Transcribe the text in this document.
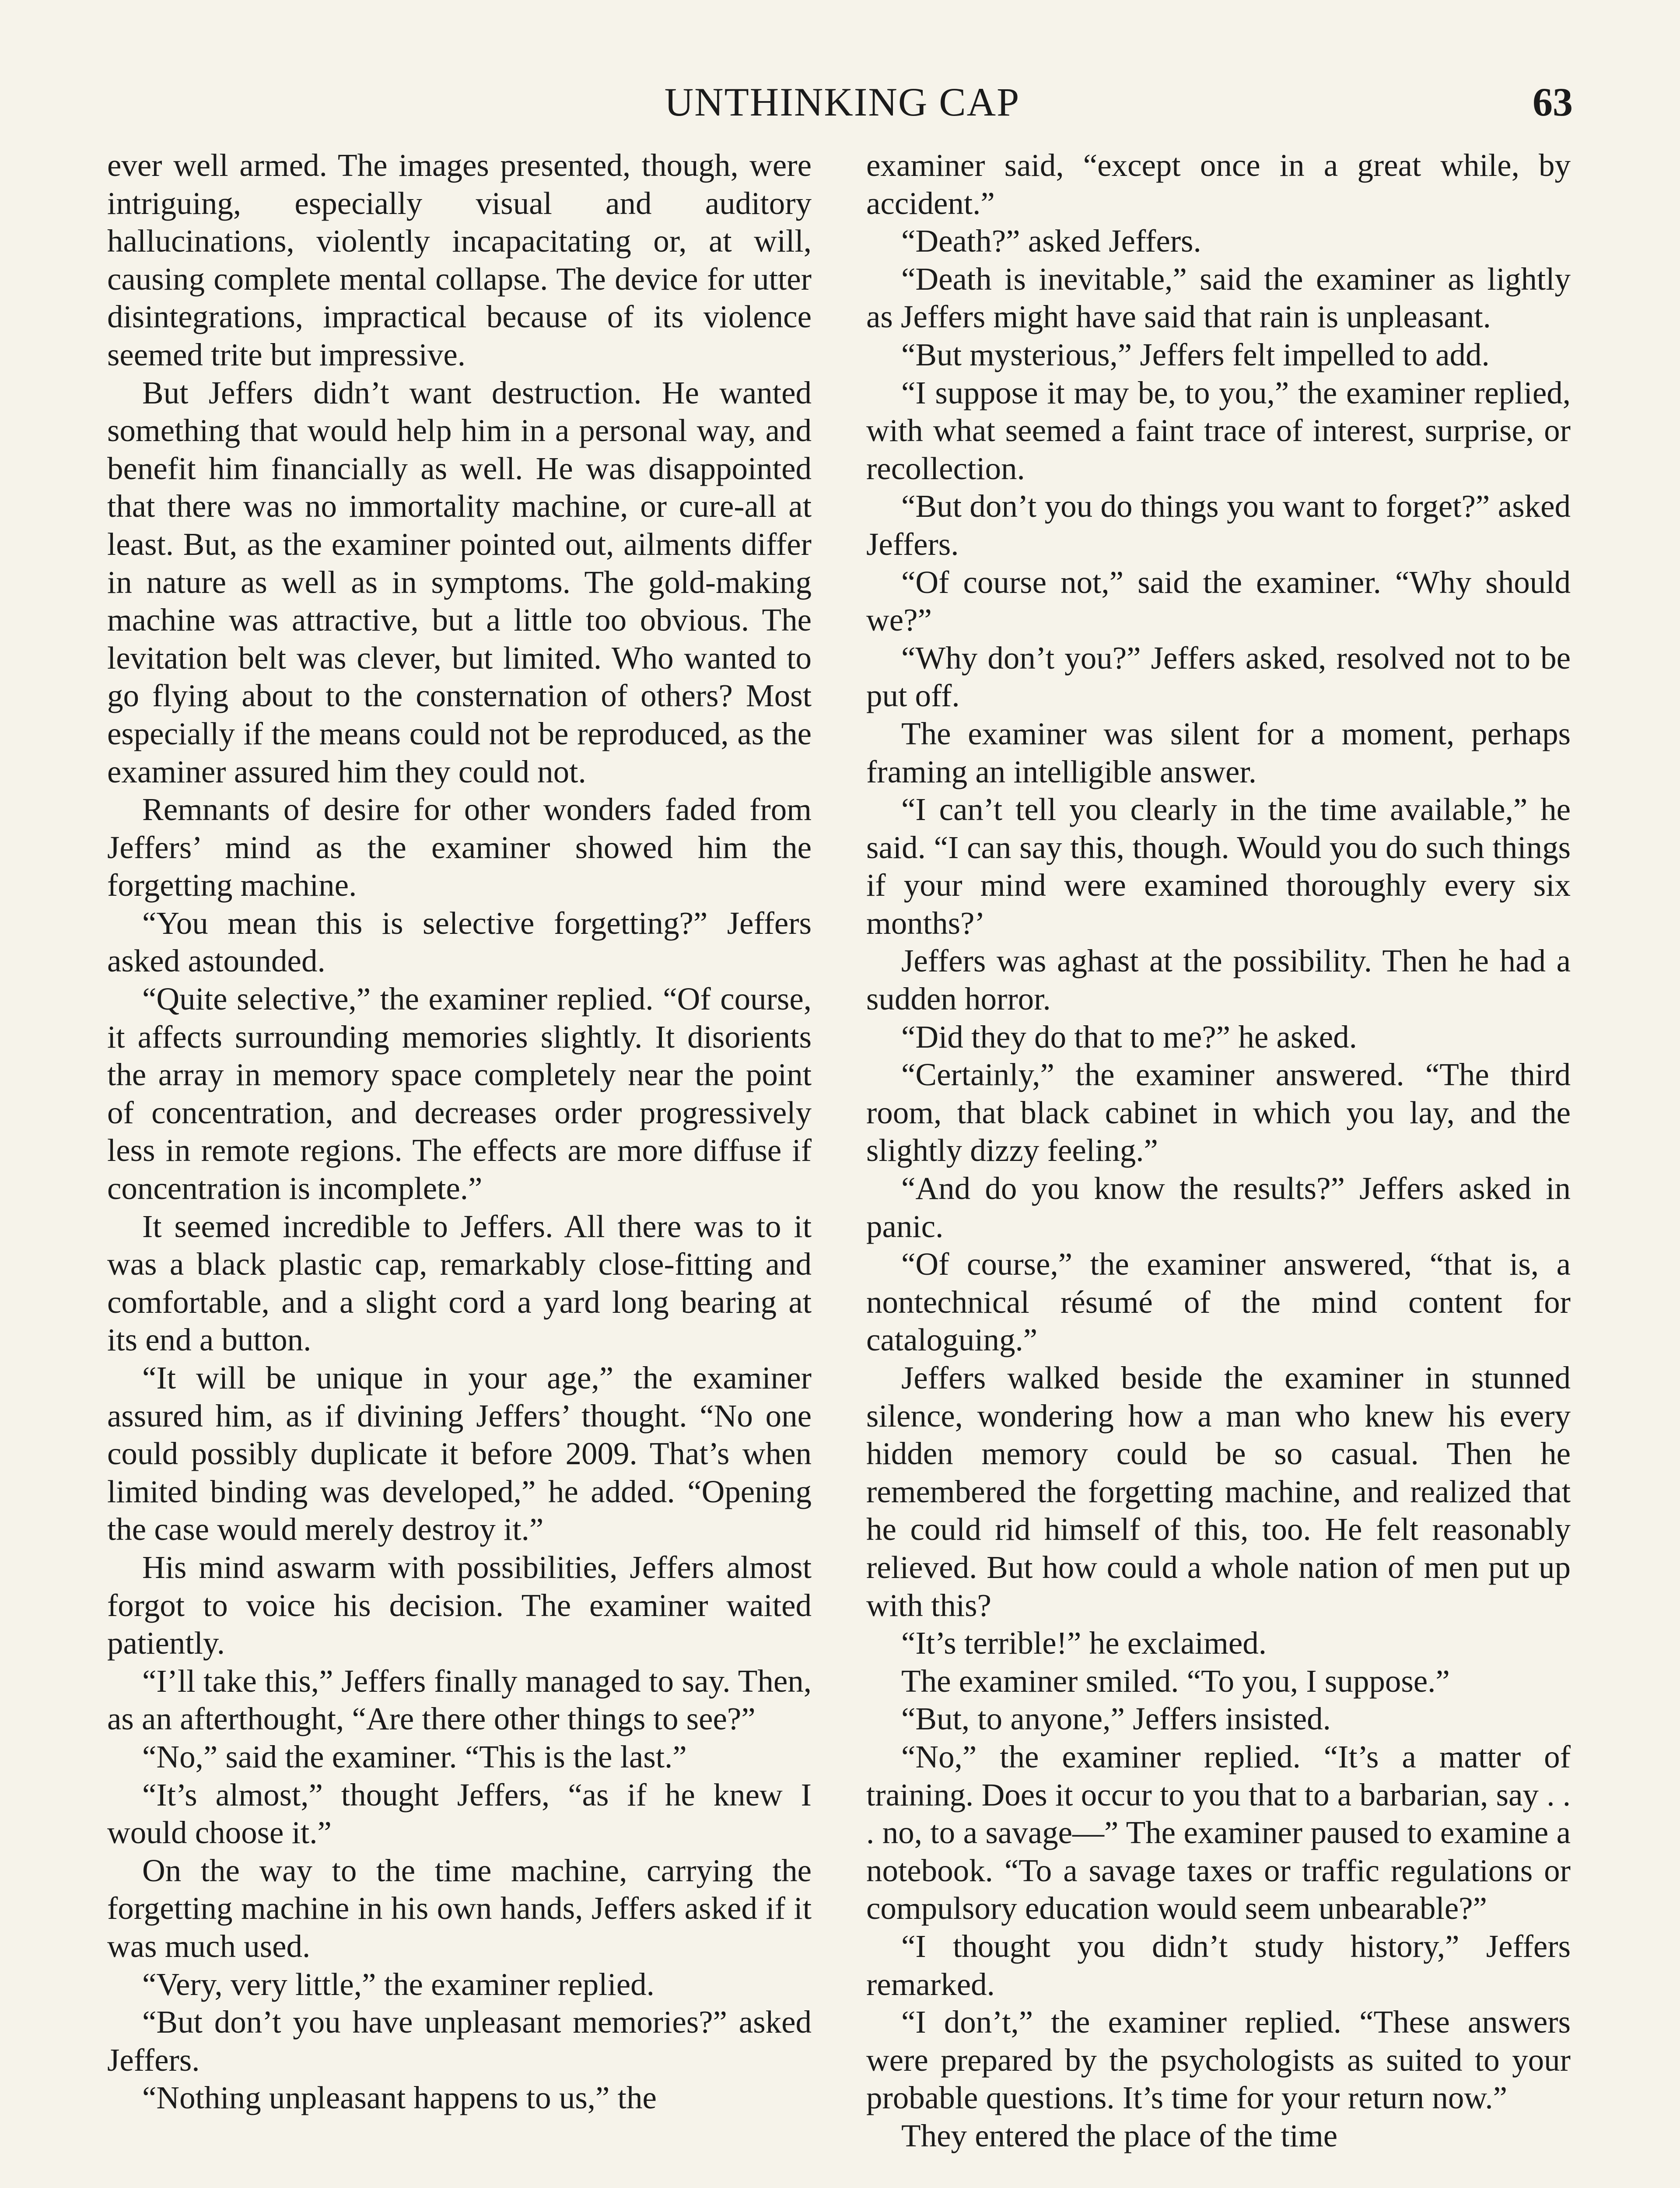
UNTHINKING CAP	63

ever well armed. The images presented, though, were intriguing, especially visual and auditory hallucinations, violently incapacitating or, at will, causing complete mental collapse. The device for utter disintegrations, impractical because of its violence seemed trite but impressive.

But Jeffers didn’t want destruction. He wanted something that would help him in a personal way, and benefit him financially as well. He was disappointed that there was no immortality machine, or cure-all at least. But, as the examiner pointed out, ailments differ in nature as well as in symptoms. The gold-making machine was attractive, but a little too obvious. The levitation belt was clever, but limited. Who wanted to go flying about to the consternation of others? Most especially if the means could not be reproduced, as the examiner assured him they could not.

Remnants of desire for other wonders faded from Jeffers’ mind as the examiner showed him the forgetting machine.

“You mean this is selective forgetting?” Jeffers asked astounded.

“Quite selective,” the examiner replied. “Of course, it affects surrounding memories slightly. It disorients the array in memory space completely near the point of concentration, and decreases order progressively less in remote regions. The effects are more diffuse if concentration is incomplete.”

It seemed incredible to Jeffers. All there was to it was a black plastic cap, remarkably close-fitting and comfortable, and a slight cord a yard long bearing at its end a button.

“It will be unique in your age,” the examiner assured him, as if divining Jeffers’ thought. “No one could possibly duplicate it before 2009. That’s when limited binding was developed,” he added. “Opening the case would merely destroy it.”

His mind aswarm with possibilities, Jeffers almost forgot to voice his decision. The examiner waited patiently.

“I’ll take this,” Jeffers finally managed to say. Then, as an afterthought, “Are there other things to see?”

“No,” said the examiner. “This is the last.”

“It’s almost,” thought Jeffers, “as if he knew I would choose it.”

On the way to the time machine, carrying the forgetting machine in his own hands, Jeffers asked if it was much used.

“Very, very little,” the examiner replied.

“But don’t you have unpleasant memories?” asked Jeffers.

“Nothing unpleasant happens to us,” the

examiner said, “except once in a great while, by accident.”

“Death?” asked Jeffers.

“Death is inevitable,” said the examiner as lightly as Jeffers might have said that rain is unpleasant.

“But mysterious,” Jeffers felt impelled to add.

“I suppose it may be, to you,” the examiner replied, with what seemed a faint trace of interest, surprise, or recollection.

“But don’t you do things you want to forget?” asked Jeffers.

“Of course not,” said the examiner. “Why should we?”

“Why don’t you?” Jeffers asked, resolved not to be put off.

The examiner was silent for a moment, perhaps framing an intelligible answer.

“I can’t tell you clearly in the time available,” he said. “I can say this, though. Would you do such things if your mind were examined thoroughly every six months?’

Jeffers was aghast at the possibility. Then he had a sudden horror.

“Did they do that to me?” he asked.

“Certainly,” the examiner answered. “The third room, that black cabinet in which you lay, and the slightly dizzy feeling.”

“And do you know the results?” Jeffers asked in panic.

“Of course,” the examiner answered, “that is, a nontechnical résumé of the mind content for cataloguing.”

Jeffers walked beside the examiner in stunned silence, wondering how a man who knew his every hidden memory could be so casual. Then he remembered the forgetting machine, and realized that he could rid himself of this, too. He felt reasonably relieved. But how could a whole nation of men put up with this?

“It’s terrible!” he exclaimed.

The examiner smiled. “To you, I suppose.”

“But, to anyone,” Jeffers insisted.

“No,” the examiner replied. “It’s a matter of training. Does it occur to you that to a barbarian, say . . . no, to a savage—” The examiner paused to examine a notebook. “To a savage taxes or traffic regulations or compulsory education would seem unbearable?”

“I thought you didn’t study history,” Jeffers remarked.

“I don’t,” the examiner replied. “These answers were prepared by the psychologists as suited to your probable questions. It’s time for your return now.”

They entered the place of the time
